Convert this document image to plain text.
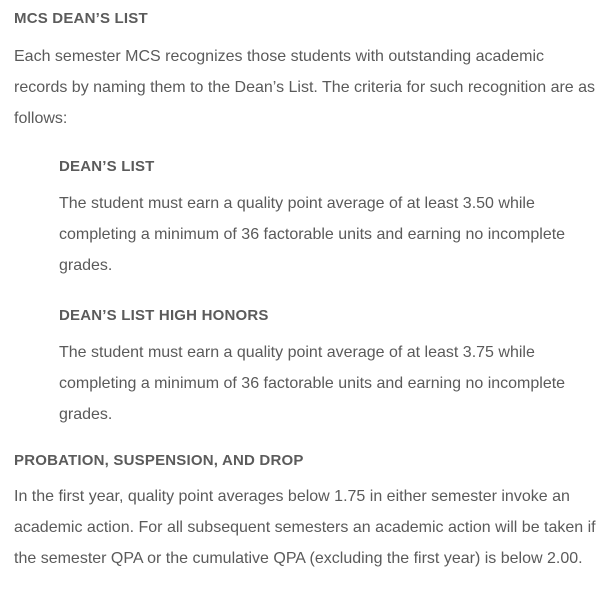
MCS DEAN’S LIST

Each semester MCS recognizes those students with outstanding academic records by naming them to the Dean’s List. The criteria for such recognition are as follows:

DEAN’S LIST

The student must earn a quality point average of at least 3.50 while completing a minimum of 36 factorable units and earning no incomplete grades.

DEAN’S LIST HIGH HONORS

The student must earn a quality point average of at least 3.75 while completing a minimum of 36 factorable units and earning no incomplete grades.

PROBATION, SUSPENSION, AND DROP

In the first year, quality point averages below 1.75 in either semester invoke an academic action. For all subsequent semesters an academic action will be taken if the semester QPA or the cumulative QPA (excluding the first year) is below 2.00.
